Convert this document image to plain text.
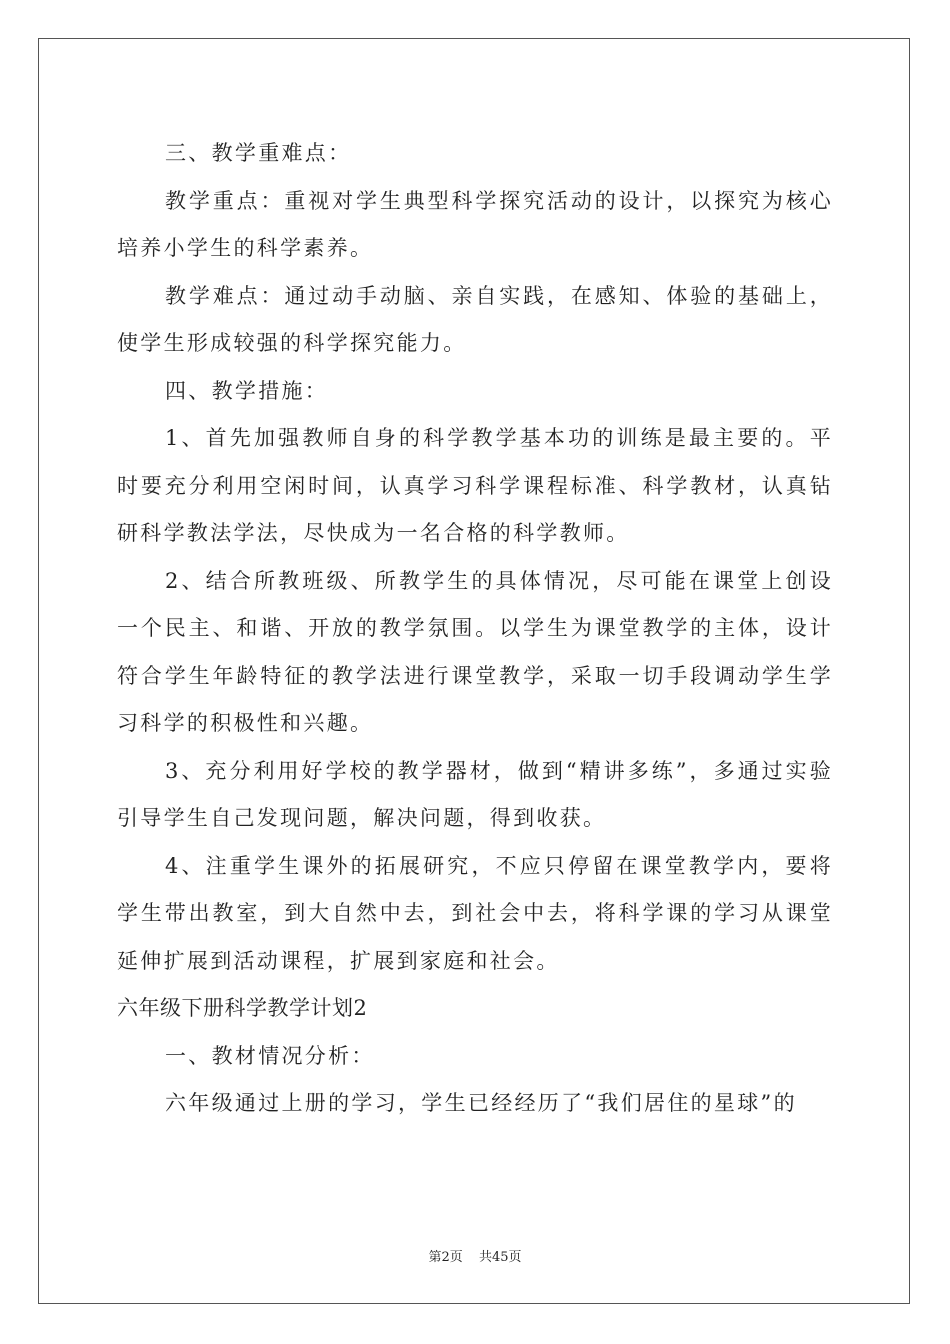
三、教学重难点：

教学重点：重视对学生典型科学探究活动的设计，以探究为核心培养小学生的科学素养。

教学难点：通过动手动脑、亲自实践，在感知、体验的基础上，使学生形成较强的科学探究能力。

四、教学措施：

1、首先加强教师自身的科学教学基本功的训练是最主要的。平时要充分利用空闲时间，认真学习科学课程标准、科学教材，认真钻研科学教法学法，尽快成为一名合格的科学教师。

2、结合所教班级、所教学生的具体情况，尽可能在课堂上创设一个民主、和谐、开放的教学氛围。以学生为课堂教学的主体，设计符合学生年龄特征的教学法进行课堂教学，采取一切手段调动学生学习科学的积极性和兴趣。

3、充分利用好学校的教学器材，做到“精讲多练”，多通过实验引导学生自己发现问题，解决问题，得到收获。

4、注重学生课外的拓展研究，不应只停留在课堂教学内，要将学生带出教室，到大自然中去，到社会中去，将科学课的学习从课堂延伸扩展到活动课程，扩展到家庭和社会。

六年级下册科学教学计划2

一、教材情况分析：

六年级通过上册的学习，学生已经经历了“我们居住的星球”的

第2页 共45页
